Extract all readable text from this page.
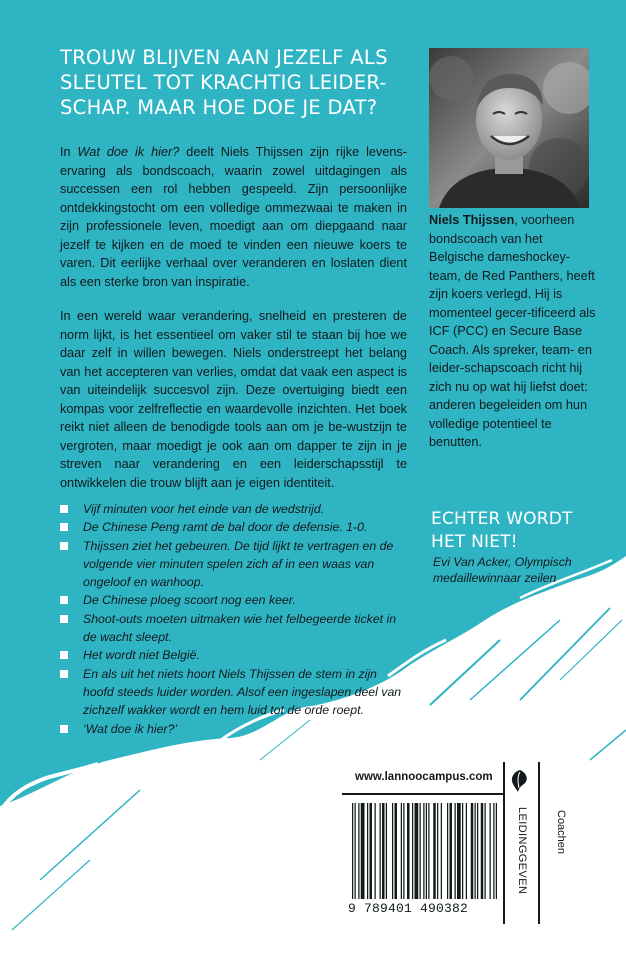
TROUW BLIJVEN AAN JEZELF ALS
SLEUTEL TOT KRACHTIG LEIDER-
SCHAP. MAAR HOE DOE JE DAT?

In Wat doe ik hier? deelt Niels Thijssen zijn rijke levens-ervaring als bondscoach, waarin zowel uitdagingen als successen een rol hebben gespeeld. Zijn persoonlijke ontdekkingstocht om een volledige ommezwaai te maken in zijn professionele leven, moedigt aan om diepgaand naar jezelf te kijken en de moed te vinden een nieuwe koers te varen. Dit eerlijke verhaal over veranderen en loslaten dient als een sterke bron van inspiratie.

In een wereld waar verandering, snelheid en presteren de norm lijkt, is het essentieel om vaker stil te staan bij hoe we daar zelf in willen bewegen. Niels onderstreept het belang van het accepteren van verlies, omdat dat vaak een aspect is van uiteindelijk succesvol zijn. Deze overtuiging biedt een kompas voor zelfreflectie en waardevolle inzichten. Het boek reikt niet alleen de benodigde tools aan om je be-wustzijn te vergroten, maar moedigt je ook aan om dapper te zijn in je streven naar verandering en een leiderschapsstijl te ontwikkelen die trouw blijft aan je eigen identiteit.

Vijf minuten voor het einde van de wedstrijd.
De Chinese Peng ramt de bal door de defensie. 1-0.
Thijssen ziet het gebeuren. De tijd lijkt te vertragen en de volgende vier minuten spelen zich af in een waas van ongeloof en wanhoop.
De Chinese ploeg scoort nog een keer.
Shoot-outs moeten uitmaken wie het felbegeerde ticket in de wacht sleept.
Het wordt niet België.
En als uit het niets hoort Niels Thijssen de stem in zijn hoofd steeds luider worden. Alsof een ingeslapen deel van zichzelf wakker wordt en hem luid tot de orde roept.
‘Wat doe ik hier?’

Niels Thijssen, voorheen bondscoach van het Belgische dameshockey-team, de Red Panthers, heeft zijn koers verlegd. Hij is momenteel gecer-tificeerd als ICF (PCC) en Secure Base Coach. Als spreker, team- en leider-schapscoach richt hij zich nu op wat hij liefst doet: anderen begeleiden om hun volledige potentieel te benutten.

ECHTER WORDT
HET NIET!

Evi Van Acker, Olympisch medaillewinnaar zeilen

www.lannoocampus.com
LEIDINGGEVEN Coachen
9 789401 490382
